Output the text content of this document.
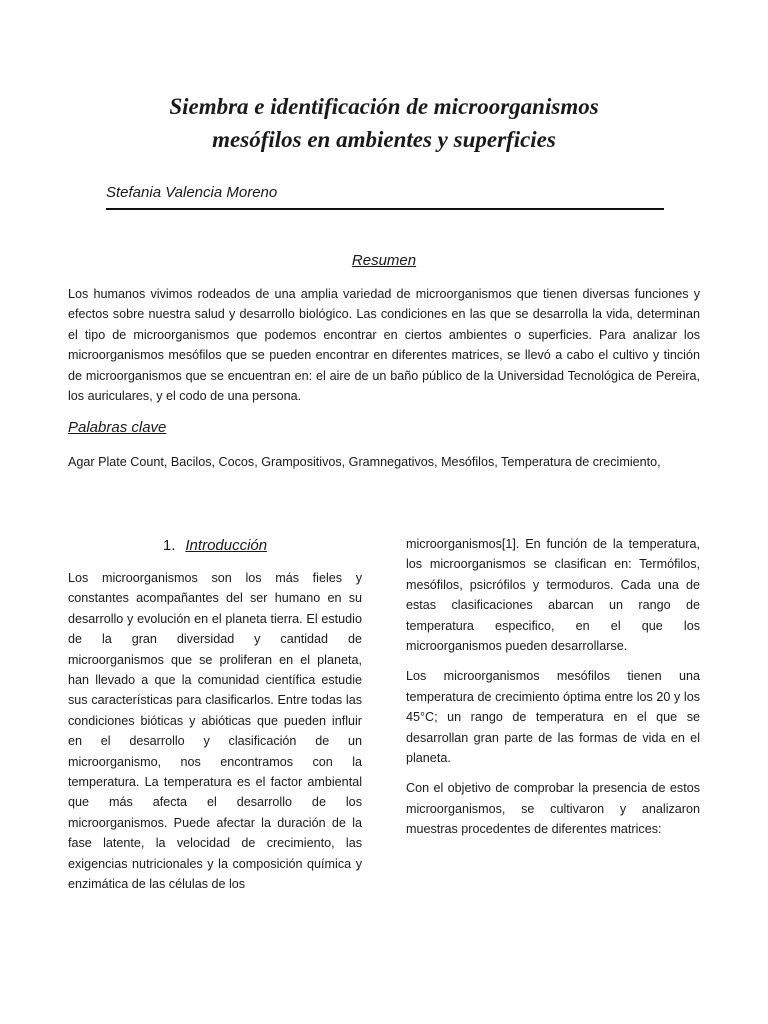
Siembra e identificación de microorganismos
mesófilos en ambientes y superficies
Stefania Valencia Moreno
Resumen

Los humanos vivimos rodeados de una amplia variedad de microorganismos que tienen diversas funciones y efectos sobre nuestra salud y desarrollo biológico. Las condiciones en las que se desarrolla la vida, determinan el tipo de microorganismos que podemos encontrar en ciertos ambientes o superficies. Para analizar los microorganismos mesófilos que se pueden encontrar en diferentes matrices, se llevó a cabo el cultivo y tinción de microorganismos que se encuentran en: el aire de un baño público de la Universidad Tecnológica de Pereira, los auriculares, y el codo de una persona.

Palabras clave

Agar Plate Count, Bacilos, Cocos, Grampositivos, Gramnegativos, Mesófilos, Temperatura de crecimiento,

1. Introducción

Los microorganismos son los más fieles y constantes acompañantes del ser humano en su desarrollo y evolución en el planeta tierra. El estudio de la gran diversidad y cantidad de microorganismos que se proliferan en el planeta, han llevado a que la comunidad científica estudie sus características para clasificarlos. Entre todas las condiciones bióticas y abióticas que pueden influir en el desarrollo y clasificación de un microorganismo, nos encontramos con la temperatura. La temperatura es el factor ambiental que más afecta el desarrollo de los microorganismos. Puede afectar la duración de la fase latente, la velocidad de crecimiento, las exigencias nutricionales y la composición química y enzimática de las células de los

microorganismos[1]. En función de la temperatura, los microorganismos se clasifican en: Termófilos, mesófilos, psicrófilos y termoduros. Cada una de estas clasificaciones abarcan un rango de temperatura especifico, en el que los microorganismos pueden desarrollarse.

Los microorganismos mesófilos tienen una temperatura de crecimiento óptima entre los 20 y los 45°C; un rango de temperatura en el que se desarrollan gran parte de las formas de vida en el planeta.

Con el objetivo de comprobar la presencia de estos microorganismos, se cultivaron y analizaron muestras procedentes de diferentes matrices:
